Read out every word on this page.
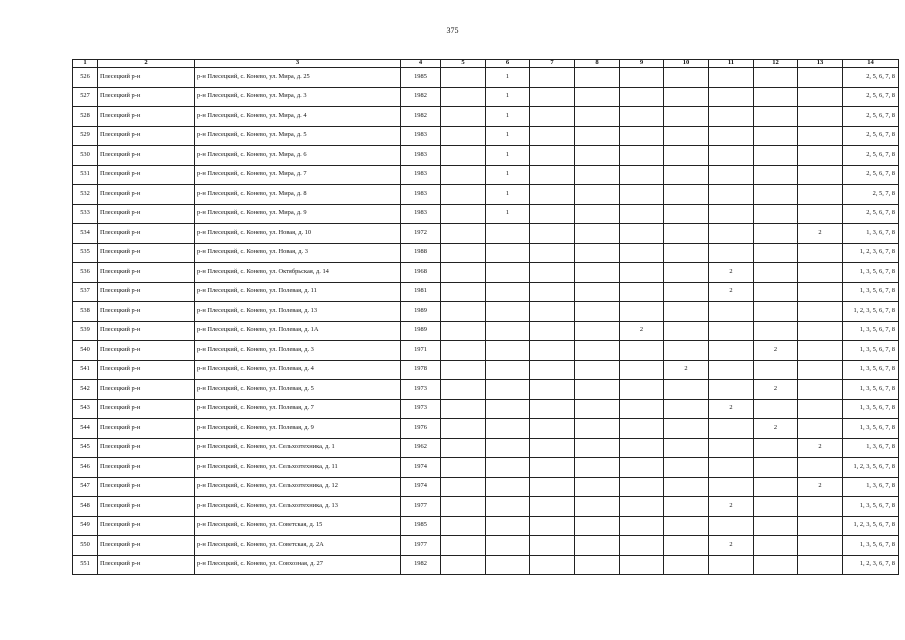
375
1	2	3	4	5	6	7	8	9	10	11	12	13	14
526	Плесецкий р-н	р-н Плесецкий, с. Конево, ул. Мира, д. 25	1985		1								2, 5, 6, 7, 8
527	Плесецкий р-н	р-н Плесецкий, с. Конево, ул. Мира, д. 3	1982		1								2, 5, 6, 7, 8
528	Плесецкий р-н	р-н Плесецкий, с. Конево, ул. Мира, д. 4	1982		1								2, 5, 6, 7, 8
529	Плесецкий р-н	р-н Плесецкий, с. Конево, ул. Мира, д. 5	1983		1								2, 5, 6, 7, 8
530	Плесецкий р-н	р-н Плесецкий, с. Конево, ул. Мира, д. 6	1983		1								2, 5, 6, 7, 8
531	Плесецкий р-н	р-н Плесецкий, с. Конево, ул. Мира, д. 7	1983		1								2, 5, 6, 7, 8
532	Плесецкий р-н	р-н Плесецкий, с. Конево, ул. Мира, д. 8	1983		1								2, 5, 7, 8
533	Плесецкий р-н	р-н Плесецкий, с. Конево, ул. Мира, д. 9	1983		1								2, 5, 6, 7, 8
534	Плесецкий р-н	р-н Плесецкий, с. Конево, ул. Новая, д. 10	1972									2	1, 3, 6, 7, 8
535	Плесецкий р-н	р-н Плесецкий, с. Конево, ул. Новая, д. 3	1988										1, 2, 3, 6, 7, 8
536	Плесецкий р-н	р-н Плесецкий, с. Конево, ул. Октябрьская, д. 14	1968							2			1, 3, 5, 6, 7, 8
537	Плесецкий р-н	р-н Плесецкий, с. Конево, ул. Полевая, д. 11	1981							2			1, 3, 5, 6, 7, 8
538	Плесецкий р-н	р-н Плесецкий, с. Конево, ул. Полевая, д. 13	1989										1, 2, 3, 5, 6, 7, 8
539	Плесецкий р-н	р-н Плесецкий, с. Конево, ул. Полевая, д. 1А	1989					2					1, 3, 5, 6, 7, 8
540	Плесецкий р-н	р-н Плесецкий, с. Конево, ул. Полевая, д. 3	1971								2		1, 3, 5, 6, 7, 8
541	Плесецкий р-н	р-н Плесецкий, с. Конево, ул. Полевая, д. 4	1978						2				1, 3, 5, 6, 7, 8
542	Плесецкий р-н	р-н Плесецкий, с. Конево, ул. Полевая, д. 5	1973								2		1, 3, 5, 6, 7, 8
543	Плесецкий р-н	р-н Плесецкий, с. Конево, ул. Полевая, д. 7	1973							2			1, 3, 5, 6, 7, 8
544	Плесецкий р-н	р-н Плесецкий, с. Конево, ул. Полевая, д. 9	1976								2		1, 3, 5, 6, 7, 8
545	Плесецкий р-н	р-н Плесецкий, с. Конево, ул. Сельхозтехника, д. 1	1962									2	1, 3, 6, 7, 8
546	Плесецкий р-н	р-н Плесецкий, с. Конево, ул. Сельхозтехника, д. 11	1974										1, 2, 3, 5, 6, 7, 8
547	Плесецкий р-н	р-н Плесецкий, с. Конево, ул. Сельхозтехника, д. 12	1974									2	1, 3, 6, 7, 8
548	Плесецкий р-н	р-н Плесецкий, с. Конево, ул. Сельхозтехника, д. 13	1977							2			1, 3, 5, 6, 7, 8
549	Плесецкий р-н	р-н Плесецкий, с. Конево, ул. Советская, д. 15	1985										1, 2, 3, 5, 6, 7, 8
550	Плесецкий р-н	р-н Плесецкий, с. Конево, ул. Советская, д. 2А	1977							2			1, 3, 5, 6, 7, 8
551	Плесецкий р-н	р-н Плесецкий, с. Конево, ул. Совхозная, д. 27	1982										1, 2, 3, 6, 7, 8
